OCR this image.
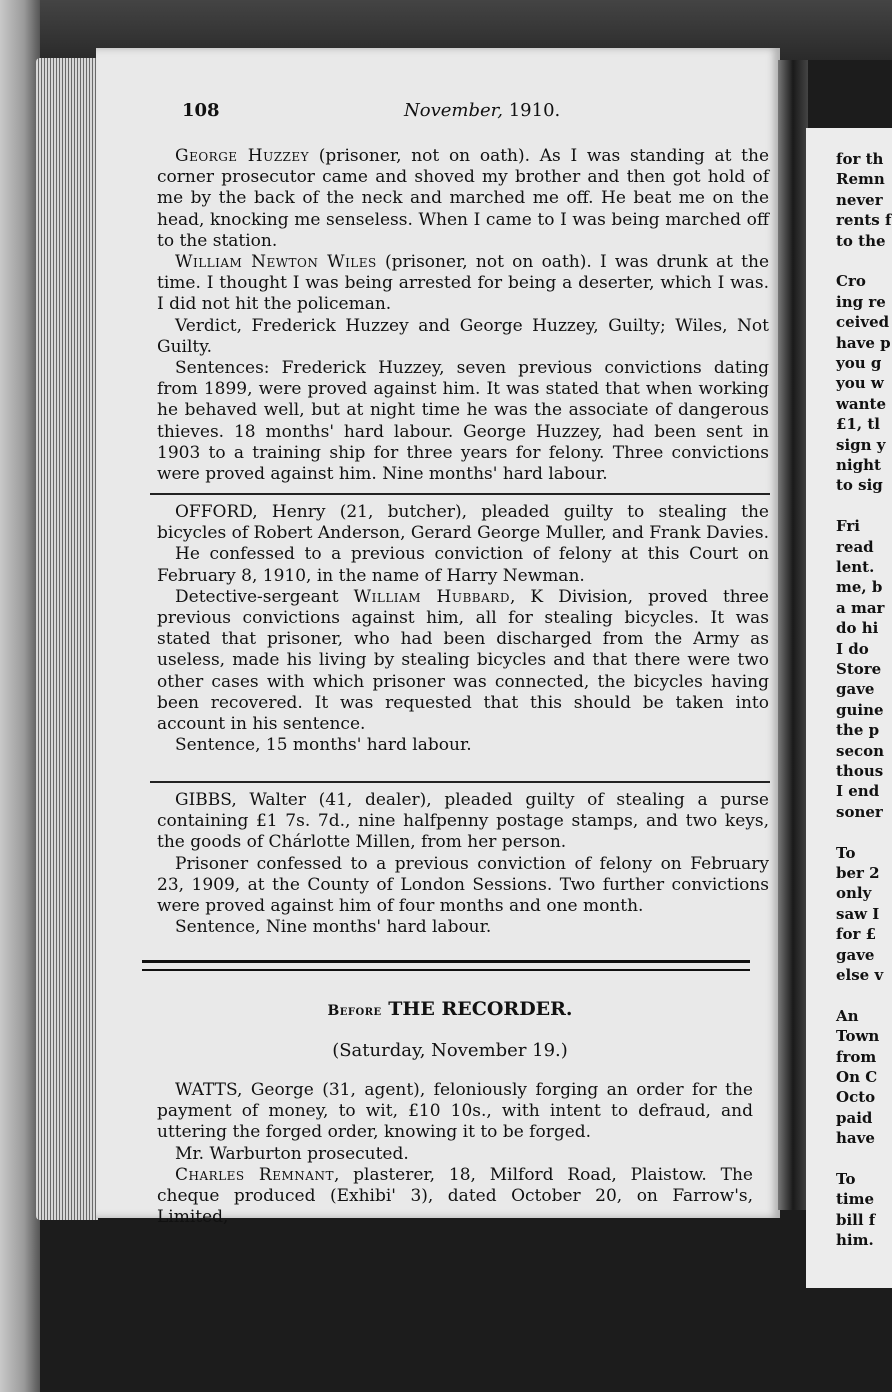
for th
Remn
never
rents f
to the
Cro
ing re
ceived
have p
you g
you w
wante
£1, tl
sign y
night
to sig
Fri
read
lent.
me, b
a mar
do hi
I do
Store
gave
guine
the p
secon
thous
I end
soner
To
ber 2
only
saw I
for £
gave
else v
An
Town
from
On C
Octo
paid
have
To
time
bill f
him.
108	November, 1910.

George Huzzey (prisoner, not on oath). As I was standing at the corner prosecutor came and shoved my brother and then got hold of me by the back of the neck and marched me off. He beat me on the head, knocking me senseless. When I came to I was being marched off to the station.

William Newton Wiles (prisoner, not on oath). I was drunk at the time. I thought I was being arrested for being a deserter, which I was. I did not hit the policeman.

Verdict, Frederick Huzzey and George Huzzey, Guilty; Wiles, Not Guilty.

Sentences: Frederick Huzzey, seven previous convictions dating from 1899, were proved against him. It was stated that when working he behaved well, but at night time he was the associate of dangerous thieves. 18 months' hard labour. George Huzzey, had been sent in 1903 to a training ship for three years for felony. Three convictions were proved against him. Nine months' hard labour.

OFFORD, Henry (21, butcher), pleaded guilty to stealing the bicycles of Robert Anderson, Gerard George Muller, and Frank Davies.

He confessed to a previous conviction of felony at this Court on February 8, 1910, in the name of Harry Newman.

Detective-sergeant William Hubbard, K Division, proved three previous convictions against him, all for stealing bicycles. It was stated that prisoner, who had been discharged from the Army as useless, made his living by stealing bicycles and that there were two other cases with which prisoner was connected, the bicycles having been recovered. It was requested that this should be taken into account in his sentence.

Sentence, 15 months' hard labour.

GIBBS, Walter (41, dealer), pleaded guilty of stealing a purse containing £1 7s. 7d., nine halfpenny postage stamps, and two keys, the goods of Chárlotte Millen, from her person.

Prisoner confessed to a previous conviction of felony on February 23, 1909, at the County of London Sessions. Two further convictions were proved against him of four months and one month.

Sentence, Nine months' hard labour.

Before THE RECORDER.
(Saturday, November 19.)

WATTS, George (31, agent), feloniously forging an order for the payment of money, to wit, £10 10s., with intent to defraud, and uttering the forged order, knowing it to be forged.

Mr. Warburton prosecuted.

Charles Remnant, plasterer, 18, Milford Road, Plaistow. The cheque produced (Exhibi' 3), dated October 20, on Farrow's, Limited,
